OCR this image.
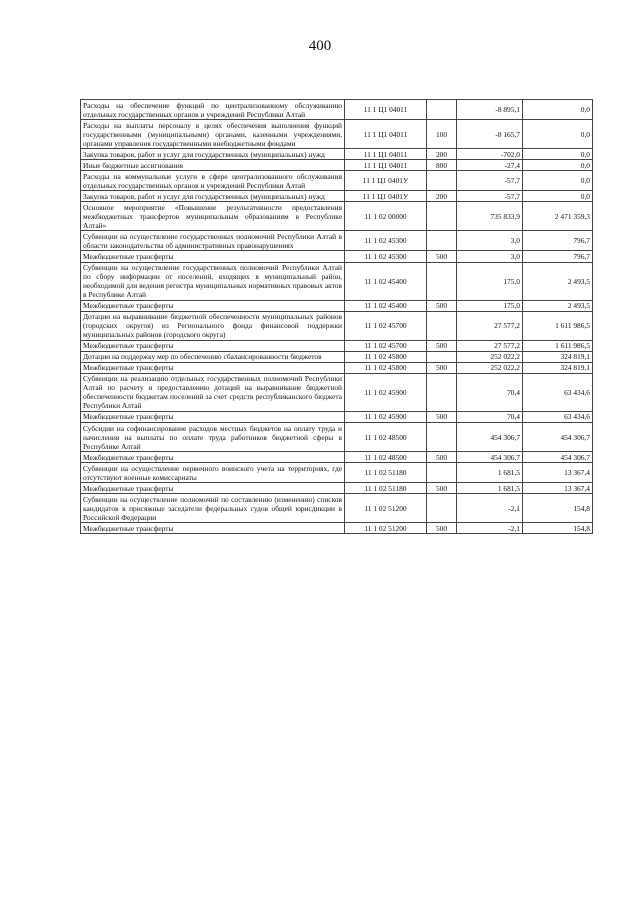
400
Расходы на обеспечение функций по централизованному обслуживанию отдельных государственных органов и учреждений Республики Алтай	11 1 Ц1 04011		-8 895,1	0,0
Расходы на выплаты персоналу в целях обеспечения выполнения функций государственными (муниципальными) органами, казенными учреждениями, органами управления государственными внебюджетными фондами	11 1 Ц1 04011	100	-8 165,7	0,0
Закупка товаров, работ и услуг для государственных (муниципальных) нужд	11 1 Ц1 04011	200	-702,0	0,0
Иные бюджетные ассигнования	11 1 Ц1 04011	800	-27,4	0,0
Расходы на коммунальные услуги в сфере централизованного обслуживания отдельных государственных органов и учреждений Республики Алтай	11 1 Ц1 0401У		-57,7	0,0
Закупка товаров, работ и услуг для государственных (муниципальных) нужд	11 1 Ц1 0401У	200	-57,7	0,0
Основное мероприятие «Повышение результативности предоставления межбюджетных трансфертов муниципальным образованиям в Республике Алтай»	11 1 02 00000		735 833,9	2 471 359,3
Субвенции на осуществление государственных полномочий Республики Алтай в области законодательства об административных правонарушениях	11 1 02 45300		3,0	796,7
Межбюджетные трансферты	11 1 02 45300	500	3,0	796,7
Субвенции на осуществление государственных полномочий Республики Алтай по сбору информации от поселений, входящих в муниципальный район, необходимой для ведения регистра муниципальных нормативных правовых актов в Республике Алтай	11 1 02 45400		175,0	2 493,5
Межбюджетные трансферты	11 1 02 45400	500	175,0	2 493,5
Дотации на выравнивание бюджетной обеспеченности муниципальных районов (городских округов) из Регионального фонда финансовой поддержки муниципальных районов (городского округа)	11 1 02 45700		27 577,2	1 611 986,5
Межбюджетные трансферты	11 1 02 45700	500	27 577,2	1 611 986,5
Дотации на поддержку мер по обеспечению сбалансированности бюджетов	11 1 02 45800		252 022,2	324 819,1
Межбюджетные трансферты	11 1 02 45800	500	252 022,2	324 819,1
Субвенции на реализацию отдельных государственных полномочий Республики Алтай по расчету и предоставлению дотаций на выравнивание бюджетной обеспеченности бюджетам поселений за счет средств республиканского бюджета Республики Алтай	11 1 02 45900		70,4	63 434,6
Межбюджетные трансферты	11 1 02 45900	500	70,4	63 434,6
Субсидии на софинансирование расходов местных бюджетов на оплату труда и начисления на выплаты по оплате труда работников бюджетной сферы в Республике Алтай	11 1 02 48500		454 306,7	454 306,7
Межбюджетные трансферты	11 1 02 48500	500	454 306,7	454 306,7
Субвенции на осуществление первичного воинского учета на территориях, где отсутствуют военные комиссариаты	11 1 02 51180		1 681,5	13 367,4
Межбюджетные трансферты	11 1 02 51180	500	1 681,5	13 367,4
Субвенции на осуществление полномочий по составлению (изменению) списков кандидатов в присяжные заседатели федеральных судов общей юрисдикции в Российской Федерации	11 1 02 51200		-2,1	154,8
Межбюджетные трансферты	11 1 02 51200	500	-2,1	154,8
